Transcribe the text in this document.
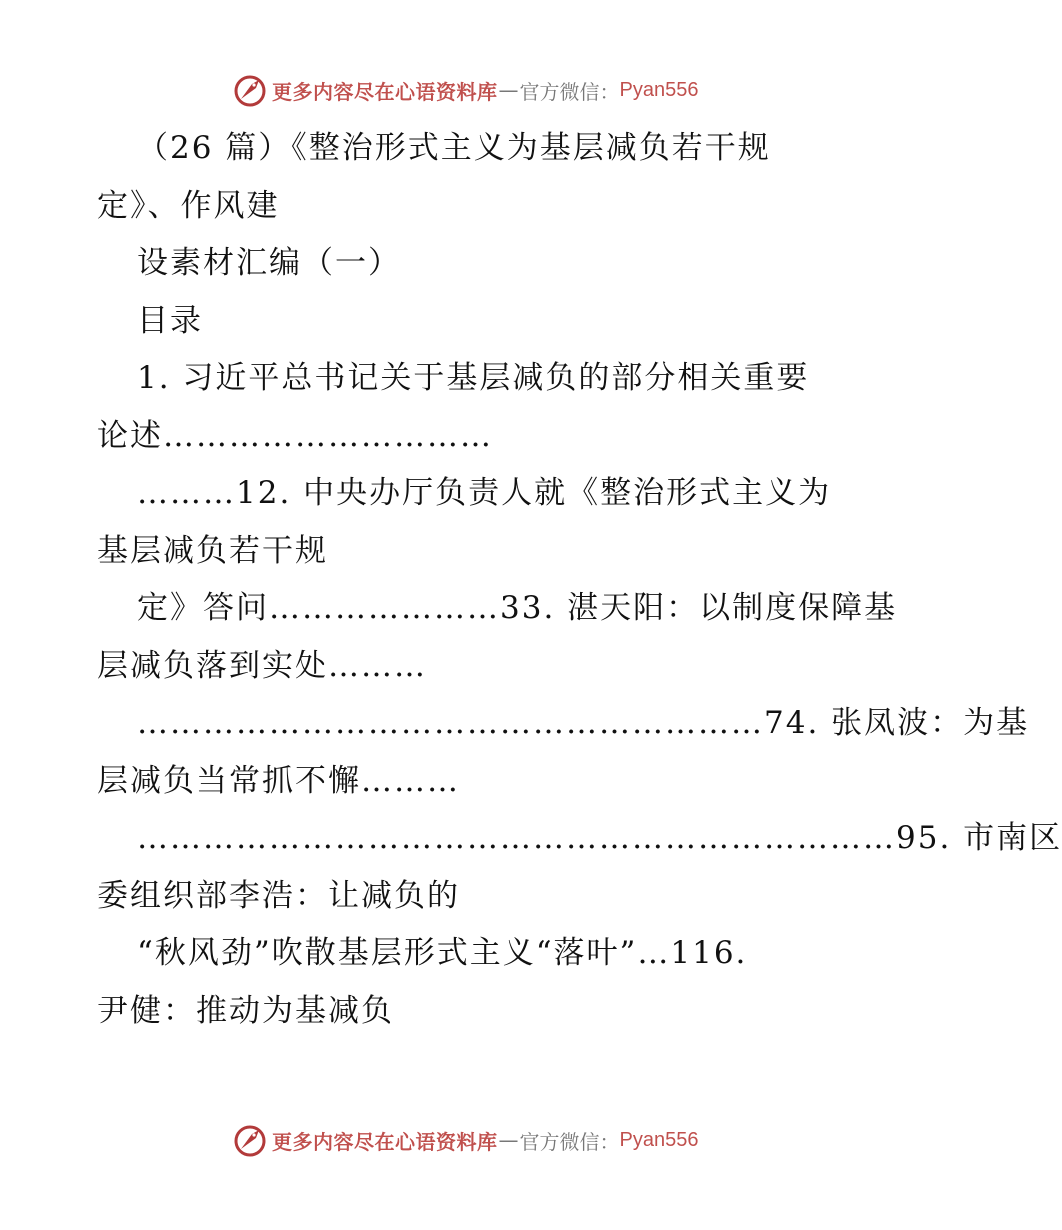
更多内容尽在心语资料库 — 官方微信： Pyan556
（26 篇）《整治形式主义为基层减负若干规
定》、作风建
设素材汇编（一）
目录
1. 习近平总书记关于基层减负的部分相关重要
论述…………………………
………12. 中央办厅负责人就《整治形式主义为
基层减负若干规
定》答问…………………33. 湛天阳：以制度保障基
层减负落到实处………
…………………………………………………74. 张凤波：为基
层减负当常抓不懈………
……………………………………………………………95. 市南区
委组织部李浩：让减负的
“秋风劲”吹散基层形式主义“落叶”…116.
尹健：推动为基减负
更多内容尽在心语资料库 — 官方微信： Pyan556
